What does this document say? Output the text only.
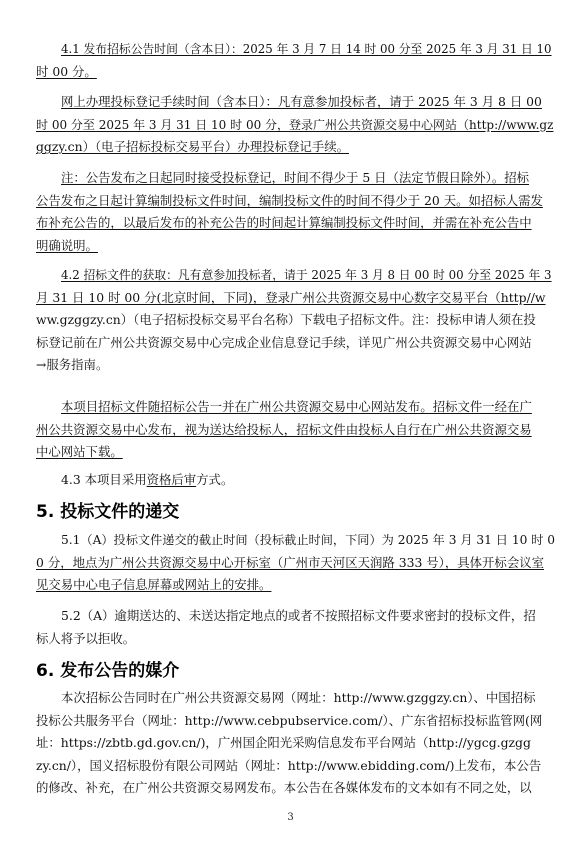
4.1 发布招标公告时间（含本日）：2025 年 3 月 7 日 14 时 00 分至 2025 年 3 月 31 日 10
时 00 分。
网上办理投标登记手续时间（含本日）：凡有意参加投标者，请于 2025 年 3 月 8 日 00
时 00 分至 2025 年 3 月 31 日 10 时 00 分，登录广州公共资源交易中心网站（http://www.gz
ggzy.cn）（电子招标投标交易平台）办理投标登记手续。
注：公告发布之日起同时接受投标登记，时间不得少于 5 日（法定节假日除外）。招标
公告发布之日起计算编制投标文件时间，编制投标文件的时间不得少于 20 天。如招标人需发
布补充公告的，以最后发布的补充公告的时间起计算编制投标文件时间，并需在补充公告中
明确说明。
4.2 招标文件的获取：凡有意参加投标者，请于 2025 年 3 月 8 日 00 时 00 分至 2025 年 3
月 31 日 10 时 00 分(北京时间，下同)，登录广州公共资源交易中心数字交易平台（http//w
ww.gzggzy.cn）（电子招标投标交易平台名称）下载电子招标文件。注：投标申请人须在投
标登记前在广州公共资源交易中心完成企业信息登记手续，详见广州公共资源交易中心网站
→服务指南。
本项目招标文件随招标公告一并在广州公共资源交易中心网站发布。招标文件一经在广
州公共资源交易中心发布，视为送达给投标人，招标文件由投标人自行在广州公共资源交易
中心网站下载。
4.3 本项目采用资格后审方式。
5. 投标文件的递交
5.1（A）投标文件递交的截止时间（投标截止时间，下同）为 2025 年 3 月 31 日 10 时 0
0 分，地点为广州公共资源交易中心开标室（广州市天河区天润路 333 号），具体开标会议室
见交易中心电子信息屏幕或网站上的安排。
5.2（A）逾期送达的、未送达指定地点的或者不按照招标文件要求密封的投标文件，招
标人将予以拒收。
6. 发布公告的媒介
本次招标公告同时在广州公共资源交易网（网址：http://www.gzggzy.cn）、中国招标
投标公共服务平台（网址：http://www.cebpubservice.com/）、广东省招标投标监管网(网
址：https://zbtb.gd.gov.cn/)，广州国企阳光采购信息发布平台网站（http://ygcg.gzgg
zy.cn/），国义招标股份有限公司网站（网址：http://www.ebidding.com/)上发布，本公告
的修改、补充，在广州公共资源交易网发布。本公告在各媒体发布的文本如有不同之处，以
3
